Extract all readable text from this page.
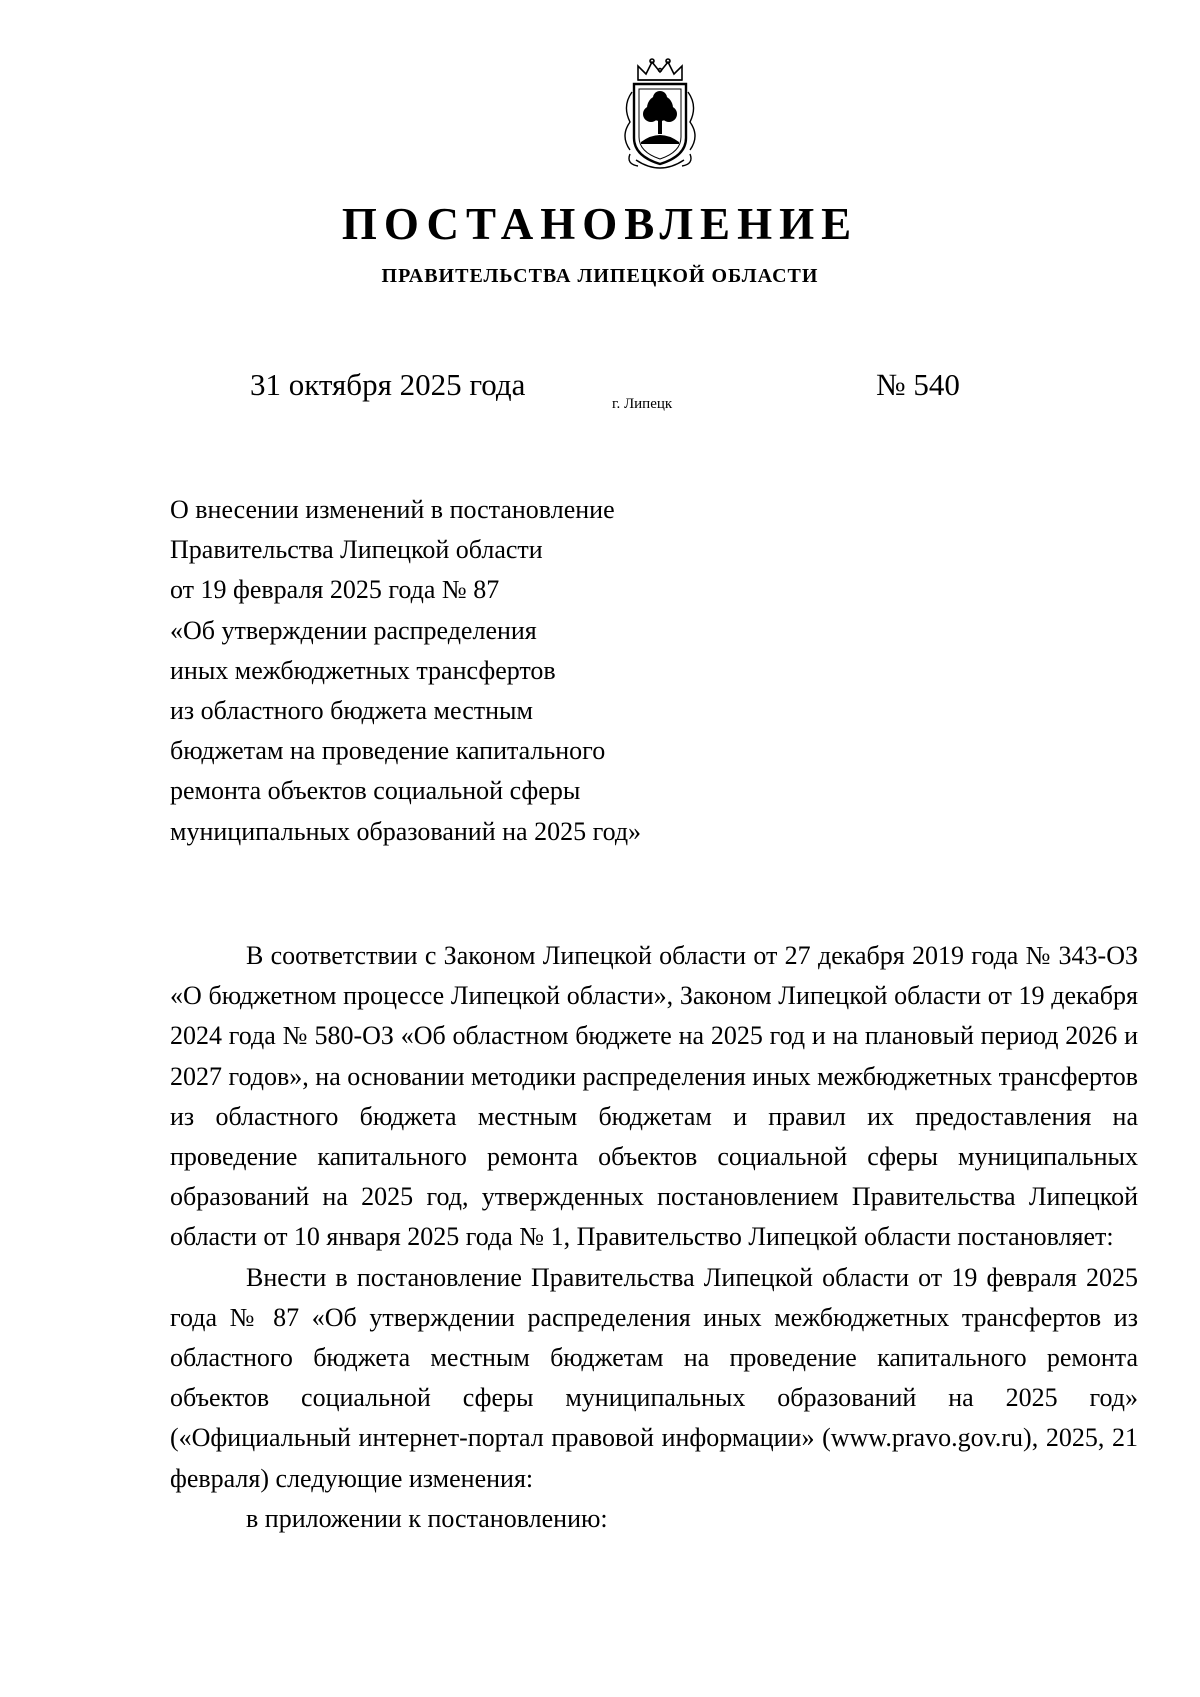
ПОСТАНОВЛЕНИЕ
ПРАВИТЕЛЬСТВА ЛИПЕЦКОЙ ОБЛАСТИ
31 октября 2025 года
г. Липецк
№ 540
О внесении изменений в постановление
Правительства Липецкой области
от 19 февраля 2025 года № 87
«Об утверждении распределения
иных межбюджетных трансфертов
из областного бюджета местным
бюджетам на проведение капитального
ремонта объектов социальной сферы
муниципальных образований на 2025 год»

В соответствии с Законом Липецкой области от 27 декабря 2019 года № 343-ОЗ «О бюджетном процессе Липецкой области», Законом Липецкой области от 19 декабря 2024 года № 580-ОЗ «Об областном бюджете на 2025 год и на плановый период 2026 и 2027 годов», на основании методики распределения иных межбюджетных трансфертов из областного бюджета местным бюджетам и правил их предоставления на проведение капитального ремонта объектов социальной сферы муниципальных образований на 2025 год, утвержденных постановлением Правительства Липецкой области от 10 января 2025 года № 1, Правительство Липецкой области постановляет:

Внести в постановление Правительства Липецкой области от 19 февраля 2025 года № 87 «Об утверждении распределения иных межбюджетных трансфертов из областного бюджета местным бюджетам на проведение капитального ремонта объектов социальной сферы муниципальных образований на 2025 год» («Официальный интернет-портал правовой информации» (www.pravo.gov.ru), 2025, 21 февраля) следующие изменения:

в приложении к постановлению:
